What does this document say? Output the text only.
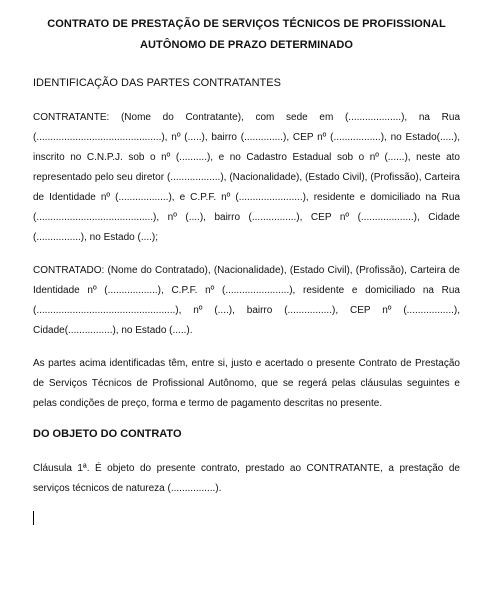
CONTRATO DE PRESTAÇÃO DE SERVIÇOS TÉCNICOS DE PROFISSIONAL
AUTÔNOMO DE PRAZO DETERMINADO
IDENTIFICAÇÃO DAS PARTES CONTRATANTES

CONTRATANTE: (Nome do Contratante), com sede em (...................), na Rua (.............................................), nº (.....), bairro (..............), CEP nº (.................), no Estado(.....), inscrito no C.N.P.J. sob o nº (..........), e no Cadastro Estadual sob o nº (......), neste ato representado pelo seu diretor (..................), (Nacionalidade), (Estado Civil), (Profissão), Carteira de Identidade nº (..................), e C.P.F. nº (.......................), residente e domiciliado na Rua (..........................................), nº (....), bairro (................), CEP nº (...................), Cidade (................), no Estado (....);

CONTRATADO: (Nome do Contratado), (Nacionalidade), (Estado Civil), (Profissão), Carteira de Identidade nº (..................), C.P.F. nº (.......................), residente e domiciliado na Rua (..................................................), nº (....), bairro (................), CEP nº (.................), Cidade(................), no Estado (.....).

As partes acima identificadas têm, entre si, justo e acertado o presente Contrato de Prestação de Serviços Técnicos de Profissional Autônomo, que se regerá pelas cláusulas seguintes e pelas condições de preço, forma e termo de pagamento descritas no presente.

DO OBJETO DO CONTRATO

Cláusula 1ª. É objeto do presente contrato, prestado ao CONTRATANTE, a prestação de serviços técnicos de natureza (................).
